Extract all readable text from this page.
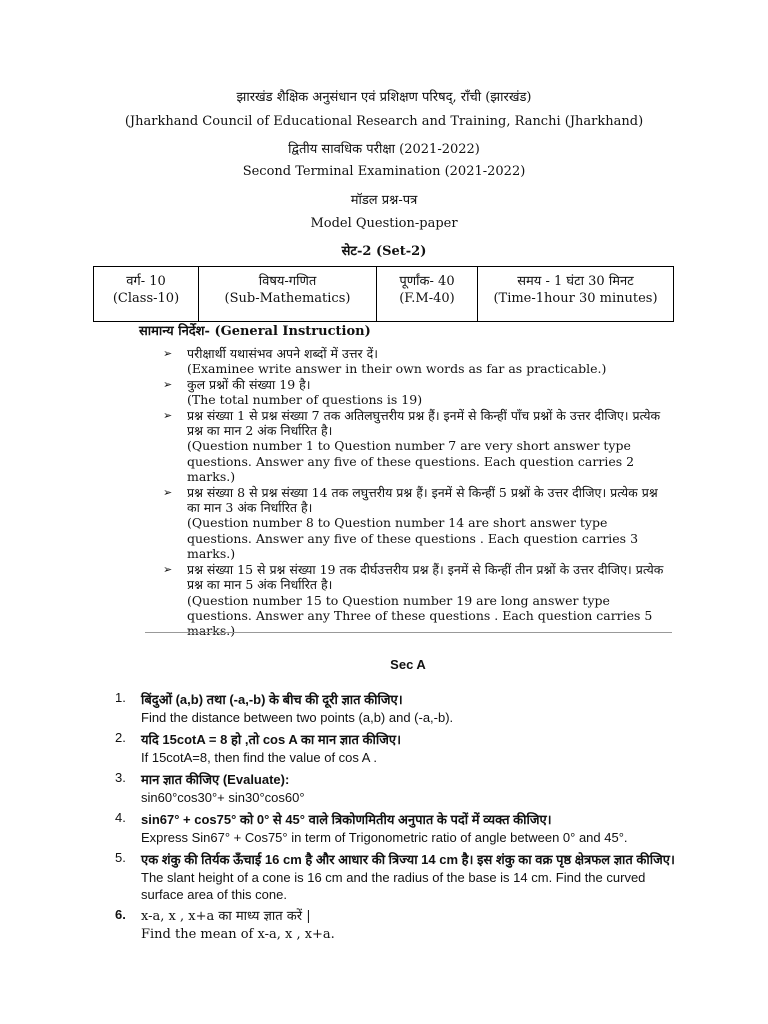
झारखंड शैक्षिक अनुसंधान एवं प्रशिक्षण परिषद्, राँची (झारखंड)
(Jharkhand Council of Educational Research and Training, Ranchi (Jharkhand)
द्वितीय सावधिक परीक्षा (2021-2022)
Second Terminal Examination (2021-2022)
मॉडल प्रश्न-पत्र
Model Question-paper
सेट-2 (Set-2)
वर्ग- 10
(Class-10)
विषय-गणित
(Sub-Mathematics)
पूर्णांक- 40
(F.M-40)
समय - 1 घंटा 30 मिनट
(Time-1hour 30 minutes)
सामान्य निर्देश- (General Instruction)
➢ परीक्षार्थी यथासंभव अपने शब्दों में उत्तर दें।
(Examinee write answer in their own words as far as practicable.)
➢ कुल प्रश्नों की संख्या 19 है।
(The total number of questions is 19)
➢ प्रश्न संख्या 1 से प्रश्न संख्या 7 तक अतिलघुत्तरीय प्रश्न हैं। इनमें से किन्हीं पाँच प्रश्नों के उत्तर दीजिए। प्रत्येक प्रश्न का मान 2 अंक निर्धारित है।
(Question number 1 to Question number 7 are very short answer type questions. Answer any five of these questions. Each question carries 2 marks.)
➢ प्रश्न संख्या 8 से प्रश्न संख्या 14 तक लघुत्तरीय प्रश्न हैं। इनमें से किन्हीं 5 प्रश्नों के उत्तर दीजिए। प्रत्येक प्रश्न का मान 3 अंक निर्धारित है।
(Question number 8 to Question number 14 are short answer type questions. Answer any five of these questions . Each question carries 3 marks.)
➢ प्रश्न संख्या 15 से प्रश्न संख्या 19 तक दीर्घउत्तरीय प्रश्न हैं। इनमें से किन्हीं तीन प्रश्नों के उत्तर दीजिए। प्रत्येक प्रश्न का मान 5 अंक निर्धारित है।
(Question number 15 to Question number 19 are long answer type questions. Answer any Three of these questions . Each question carries 5 marks.)
Sec A
1. बिंदुओं (a,b) तथा (-a,-b) के बीच की दूरी ज्ञात कीजिए।
Find the distance between two points (a,b) and (-a,-b).
2. यदि 15cotA = 8 हो ,तो cos A का मान ज्ञात कीजिए।
If 15cotA=8, then find the value of cos A .
3. मान ज्ञात कीजिए (Evaluate):
sin60°cos30°+ sin30°cos60°
4. sin67° + cos75° को 0° से 45° वाले त्रिकोणमितीय अनुपात के पदों में व्यक्त कीजिए।
Express Sin67° + Cos75° in term of Trigonometric ratio of angle between 0° and 45°.
5. एक शंकु की तिर्यक ऊँचाई 16 cm है और आधार की त्रिज्या 14 cm है। इस शंकु का वक्र पृष्ठ क्षेत्रफल ज्ञात कीजिए।
The slant height of a cone is 16 cm and the radius of the base is 14 cm. Find the curved surface area of this cone.
6. x-a, x , x+a का माध्य ज्ञात करें |
Find the mean of x-a, x , x+a.
